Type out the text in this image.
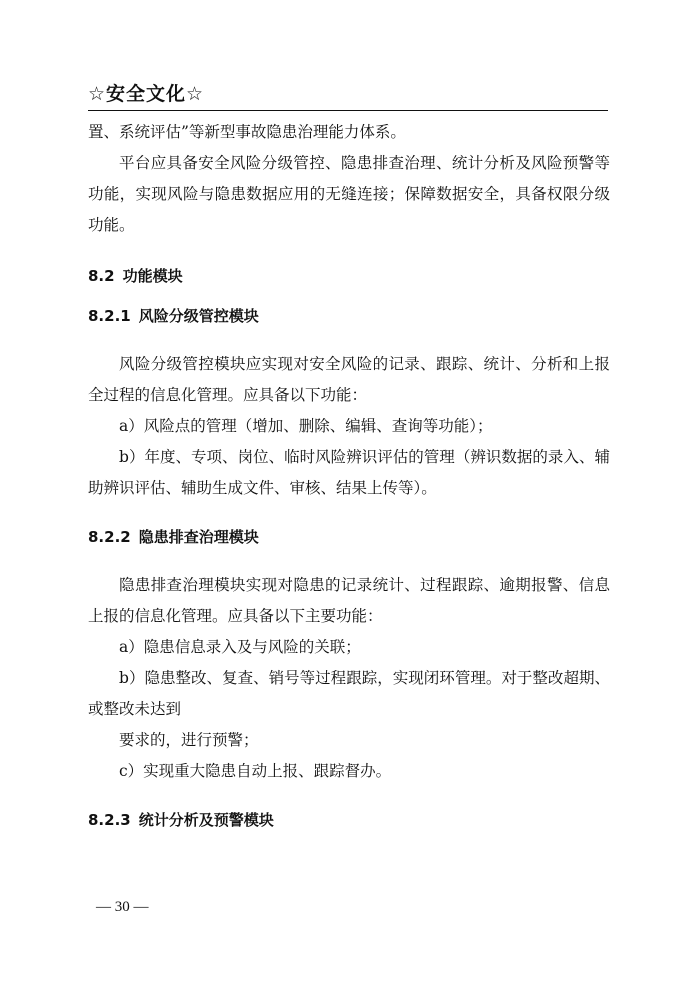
☆安全文化☆

置、系统评估”等新型事故隐患治理能力体系。

平台应具备安全风险分级管控、隐患排查治理、统计分析及风险预警等功能，实现风险与隐患数据应用的无缝连接；保障数据安全，具备权限分级功能。

8.2 功能模块
8.2.1 风险分级管控模块

风险分级管控模块应实现对安全风险的记录、跟踪、统计、分析和上报全过程的信息化管理。应具备以下功能：

a）风险点的管理（增加、删除、编辑、查询等功能）；

b）年度、专项、岗位、临时风险辨识评估的管理（辨识数据的录入、辅助辨识评估、辅助生成文件、审核、结果上传等）。

8.2.2 隐患排查治理模块

隐患排查治理模块实现对隐患的记录统计、过程跟踪、逾期报警、信息上报的信息化管理。应具备以下主要功能：

a）隐患信息录入及与风险的关联；

b）隐患整改、复查、销号等过程跟踪，实现闭环管理。对于整改超期、或整改未达到

要求的，进行预警；

c）实现重大隐患自动上报、跟踪督办。

8.2.3 统计分析及预警模块
— 30 —
